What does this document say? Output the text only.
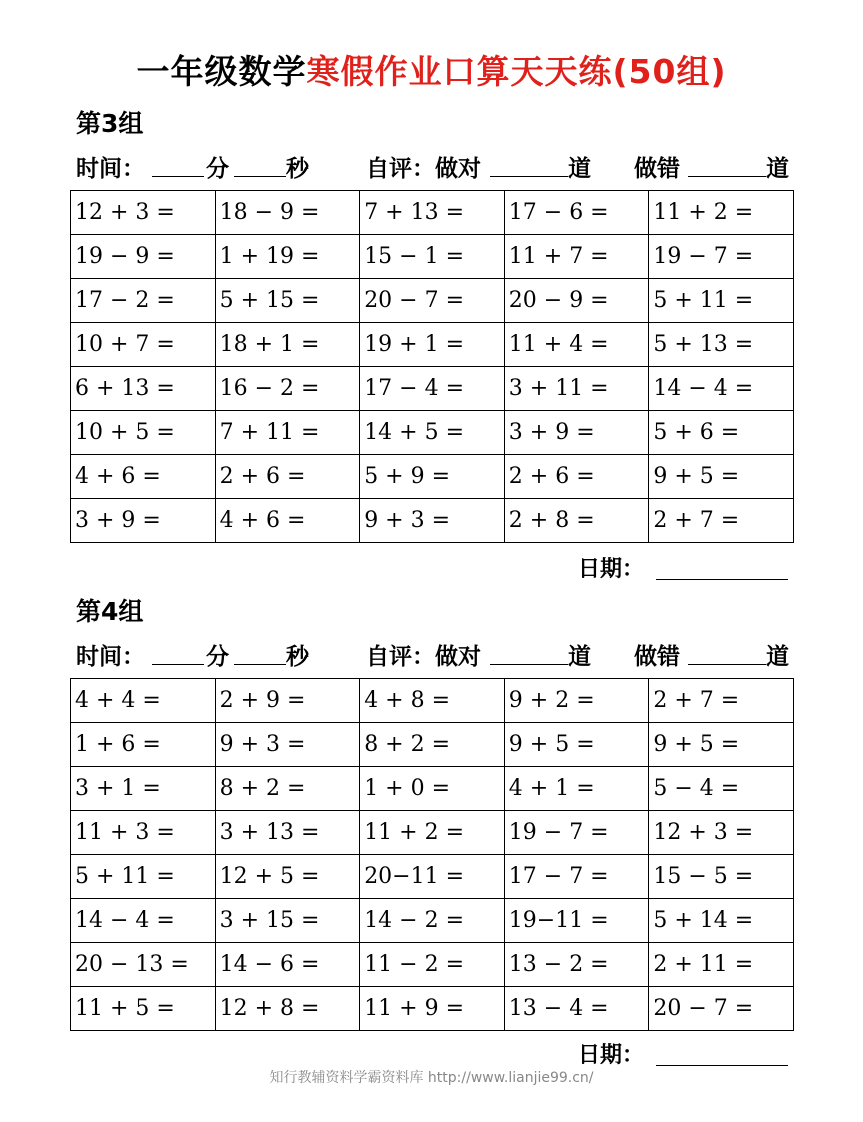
一年级数学寒假作业口算天天练(50组)
第3组
时间：	分 秒 自评：做对	道 做错	道
12 + 3 =	18 − 9 =	7 + 13 =	17 − 6 =	11 + 2 =
19 − 9 =	1 + 19 =	15 − 1 =	11 + 7 =	19 − 7 =
17 − 2 =	5 + 15 =	20 − 7 =	20 − 9 =	5 + 11 =
10 + 7 =	18 + 1 =	19 + 1 =	11 + 4 =	5 + 13 =
6 + 13 =	16 − 2 =	17 − 4 =	3 + 11 =	14 − 4 =
10 + 5 =	7 + 11 =	14 + 5 =	3 + 9 =	5 + 6 =
4 + 6 =	2 + 6 =	5 + 9 =	2 + 6 =	9 + 5 =
3 + 9 =	4 + 6 =	9 + 3 =	2 + 8 =	2 + 7 =
日期：
第4组
时间：	分 秒 自评：做对	道 做错	道
4 + 4 =	2 + 9 =	4 + 8 =	9 + 2 =	2 + 7 =
1 + 6 =	9 + 3 =	8 + 2 =	9 + 5 =	9 + 5 =
3 + 1 =	8 + 2 =	1 + 0 =	4 + 1 =	5 − 4 =
11 + 3 =	3 + 13 =	11 + 2 =	19 − 7 =	12 + 3 =
5 + 11 =	12 + 5 =	20−11 =	17 − 7 =	15 − 5 =
14 − 4 =	3 + 15 =	14 − 2 =	19−11 =	5 + 14 =
20 − 13 =	14 − 6 =	11 − 2 =	13 − 2 =	2 + 11 =
11 + 5 =	12 + 8 =	11 + 9 =	13 − 4 =	20 − 7 =
日期：
知行教辅资料学霸资料库 http://www.lianjie99.cn/
